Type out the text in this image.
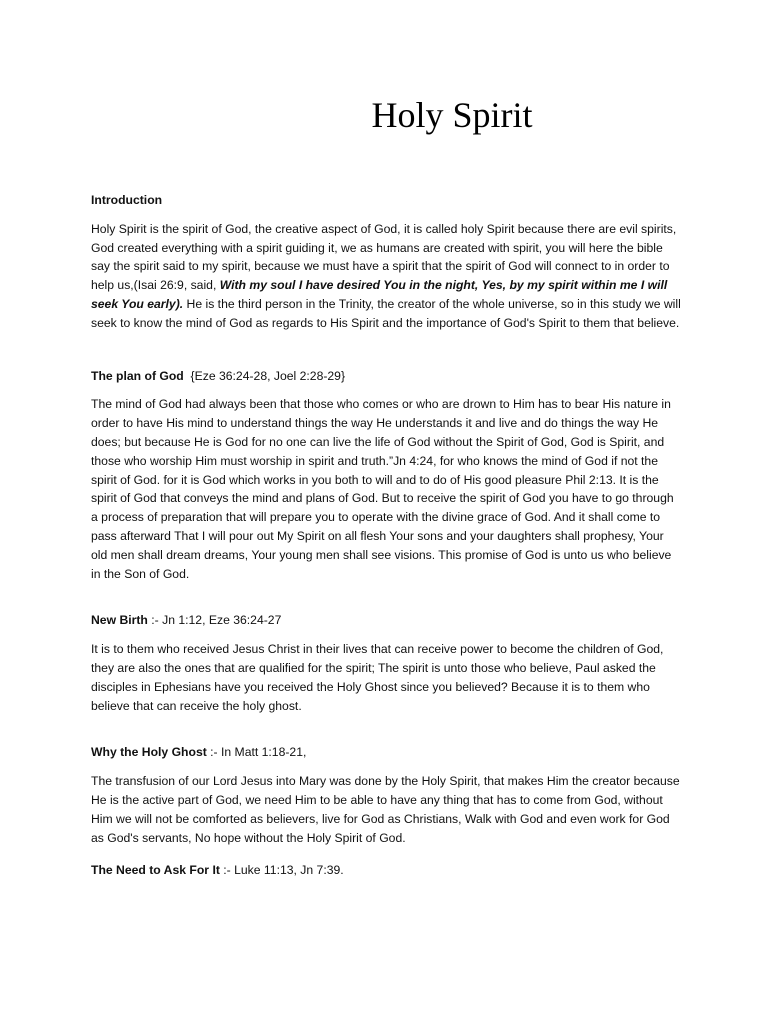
Holy Spirit

Introduction

Holy Spirit is the spirit of God, the creative aspect of God, it is called holy Spirit because there are evil spirits, God created everything with a spirit guiding it, we as humans are created with spirit, you will here the bible say the spirit said to my spirit, because we must have a spirit that the spirit of God will connect to in order to help us,(Isai 26:9, said, With my soul I have desired You in the night, Yes, by my spirit within me I will seek You early). He is the third person in the Trinity, the creator of the whole universe, so in this study we will seek to know the mind of God as regards to His Spirit and the importance of God's Spirit to them that believe.

The plan of God  {Eze 36:24-28, Joel 2:28-29}

The mind of God had always been that those who comes or who are drown to Him has to bear His nature in order to have His mind to understand things the way He understands it and live and do things the way He does; but because He is God for no one can live the life of God without the Spirit of God, God is Spirit, and those who worship Him must worship in spirit and truth.”Jn 4:24, for who knows the mind of God if not the spirit of God. for it is God which works in you both to will and to do of His good pleasure Phil 2:13. It is the spirit of God that conveys the mind and plans of God. But to receive the spirit of God you have to go through a process of preparation that will prepare you to operate with the divine grace of God. And it shall come to pass afterward That I will pour out My Spirit on all flesh Your sons and your daughters shall prophesy, Your old men shall dream dreams, Your young men shall see visions. This promise of God is unto us who believe in the Son of God.

New Birth :- Jn 1:12, Eze 36:24-27

It is to them who received Jesus Christ in their lives that can receive power to become the children of God, they are also the ones that are qualified for the spirit; The spirit is unto those who believe, Paul asked the disciples in Ephesians have you received the Holy Ghost since you believed? Because it is to them who believe that can receive the holy ghost.

Why the Holy Ghost :- In Matt 1:18-21,

The transfusion of our Lord Jesus into Mary was done by the Holy Spirit, that makes Him the creator because He is the active part of God, we need Him to be able to have any thing that has to come from God, without Him we will not be comforted as believers, live for God as Christians, Walk with God and even work for God as God's servants, No hope without the Holy Spirit of God.

The Need to Ask For It :- Luke 11:13, Jn 7:39.
